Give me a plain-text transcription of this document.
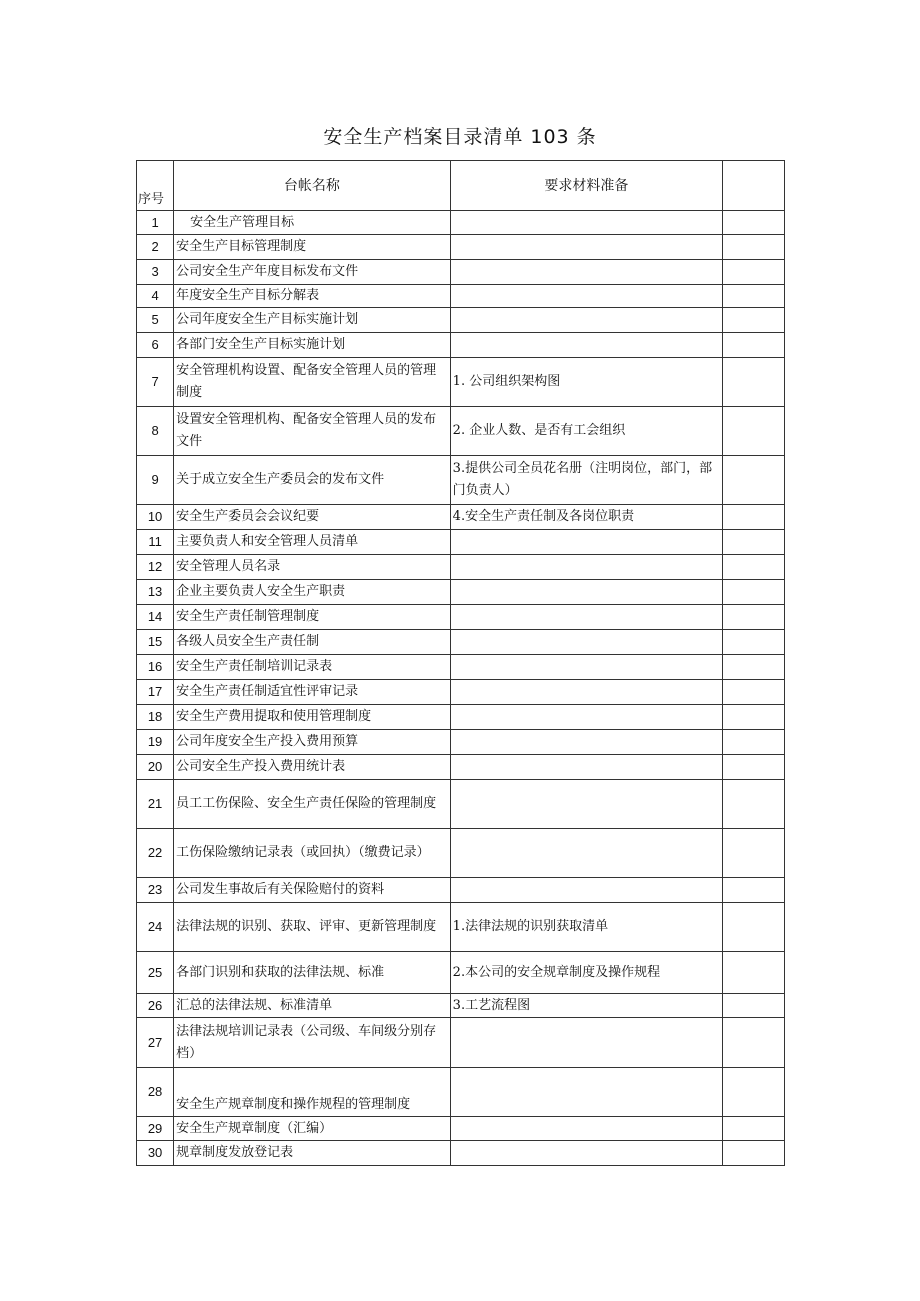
安全生产档案目录清单 103 条
序号	台帐名称	要求材料准备	
1	安全生产管理目标		
2	安全生产目标管理制度		
3	公司安全生产年度目标发布文件		
4	年度安全生产目标分解表		
5	公司年度安全生产目标实施计划		
6	各部门安全生产目标实施计划		
7	安全管理机构设置、配备安全管理人员的管理制度	1. 公司组织架构图	
8	设置安全管理机构、配备安全管理人员的发布文件	2. 企业人数、是否有工会组织	
9	关于成立安全生产委员会的发布文件	3.提供公司全员花名册（注明岗位，部门，部门负责人）	
10	安全生产委员会会议纪要	4.安全生产责任制及各岗位职责	
11	主要负责人和安全管理人员清单		
12	安全管理人员名录		
13	企业主要负责人安全生产职责		
14	安全生产责任制管理制度		
15	各级人员安全生产责任制		
16	安全生产责任制培训记录表		
17	安全生产责任制适宜性评审记录		
18	安全生产费用提取和使用管理制度		
19	公司年度安全生产投入费用预算		
20	公司安全生产投入费用统计表		
21	员工工伤保险、安全生产责任保险的管理制度		
22	工伤保险缴纳记录表（或回执）（缴费记录）		
23	公司发生事故后有关保险赔付的资料		
24	法律法规的识别、获取、评审、更新管理制度	1.法律法规的识别获取清单	
25	各部门识别和获取的法律法规、标准	2.本公司的安全规章制度及操作规程	
26	汇总的法律法规、标准清单	3.工艺流程图	
27	法律法规培训记录表（公司级、车间级分别存档）		
28	安全生产规章制度和操作规程的管理制度		
29	安全生产规章制度（汇编）		
30	规章制度发放登记表		
